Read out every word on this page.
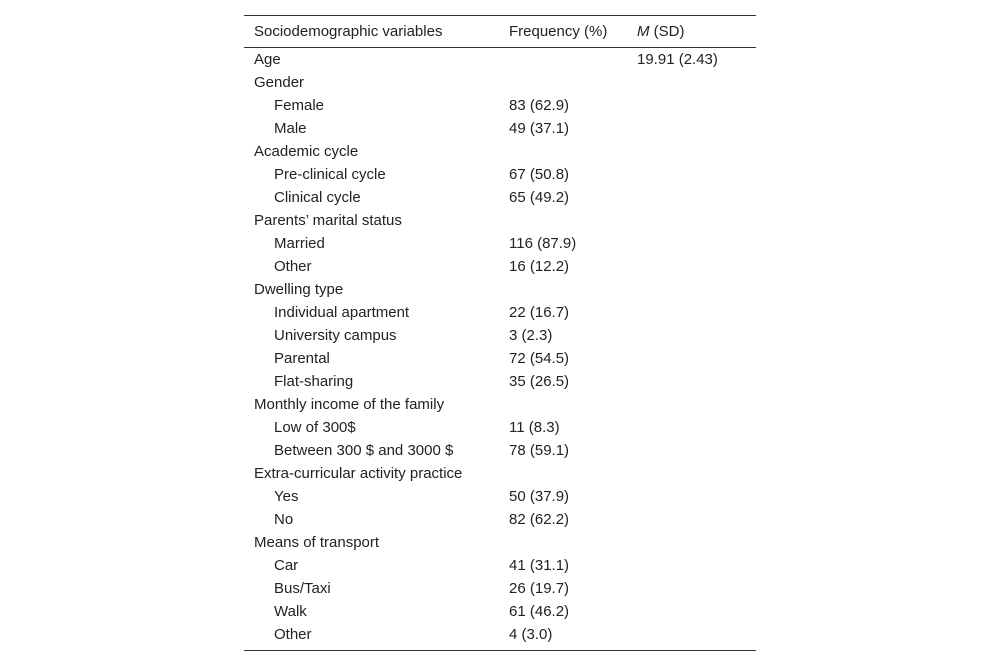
Sociodemographic variables	Frequency (%)	M (SD)
Age		19.91 (2.43)
Gender		
Female	83 (62.9)	
Male	49 (37.1)	
Academic cycle		
Pre-clinical cycle	67 (50.8)	
Clinical cycle	65 (49.2)	
Parents’ marital status		
Married	116 (87.9)	
Other	16 (12.2)	
Dwelling type		
Individual apartment	22 (16.7)	
University campus	3 (2.3)	
Parental	72 (54.5)	
Flat-sharing	35 (26.5)	
Monthly income of the family		
Low of 300$	11 (8.3)	
Between 300 $ and 3000 $	78 (59.1)	
Extra-curricular activity practice		
Yes	50 (37.9)	
No	82 (62.2)	
Means of transport		
Car	41 (31.1)	
Bus/Taxi	26 (19.7)	
Walk	61 (46.2)	
Other	4 (3.0)	
